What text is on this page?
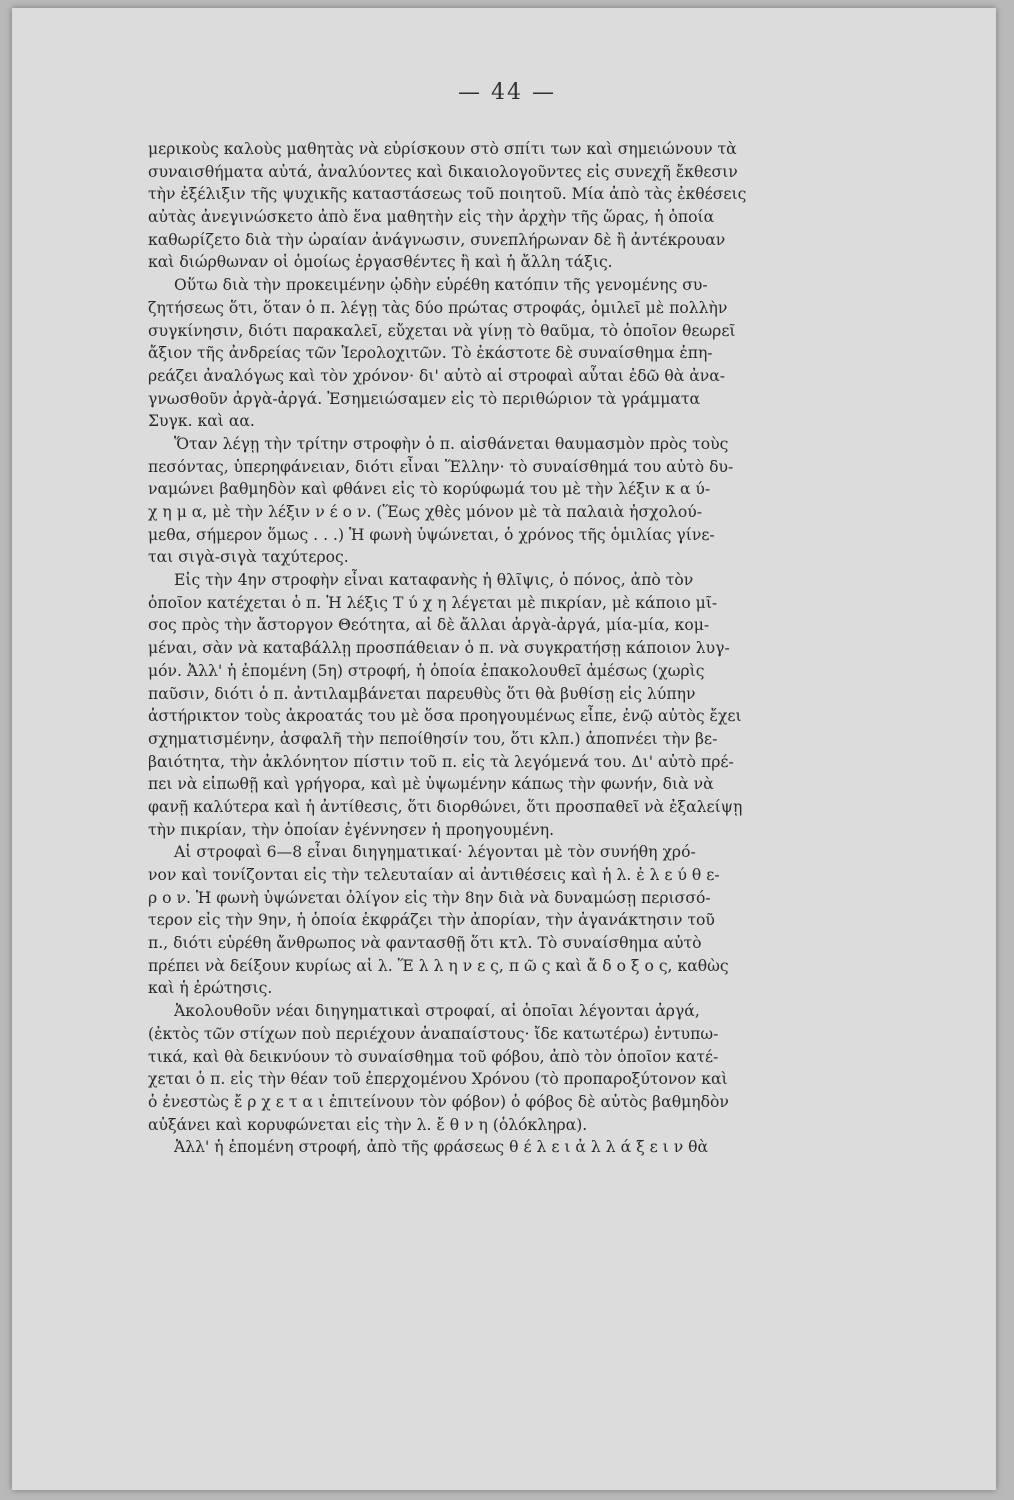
— 44 —
μερικοὺς καλοὺς μαθητὰς νὰ εὑρίσκουν στὸ σπίτι των καὶ σημειώνουν τὰ
συναισθήματα αὐτά, ἀναλύοντες καὶ δικαιολογοῦντες εἰς συνεχῆ ἔκθεσιν
τὴν ἐξέλιξιν τῆς ψυχικῆς καταστάσεως τοῦ ποιητοῦ. Μία ἀπὸ τὰς ἐκθέσεις
αὐτὰς ἀνεγινώσκετο ἀπὸ ἕνα μαθητὴν εἰς τὴν ἀρχὴν τῆς ὥρας, ἡ ὁποία
καθωρίζετο διὰ τὴν ὡραίαν ἀνάγνωσιν, συνεπλήρωναν δὲ ἢ ἀντέκρουαν
καὶ διώρθωναν οἱ ὁμοίως ἐργασθέντες ἢ καὶ ἡ ἄλλη τάξις.
Οὕτω διὰ τὴν προκειμένην ᾠδὴν εὑρέθη κατόπιν τῆς γενομένης συ-
ζητήσεως ὅτι, ὅταν ὁ π. λέγῃ τὰς δύο πρώτας στροφάς, ὁμιλεῖ μὲ πολλὴν
συγκίνησιν, διότι παρακαλεῖ, εὔχεται νὰ γίνῃ τὸ θαῦμα, τὸ ὁποῖον θεωρεῖ
ἄξιον τῆς ἀνδρείας τῶν Ἱερολοχιτῶν. Τὸ ἑκάστοτε δὲ συναίσθημα ἐπη-
ρεάζει ἀναλόγως καὶ τὸν χρόνον· δι' αὐτὸ αἱ στροφαὶ αὗται ἐδῶ θὰ ἀνα-
γνωσθοῦν ἀργὰ-ἀργά. Ἐσημειώσαμεν εἰς τὸ περιθώριον τὰ γράμματα
Συγκ. καὶ αα.
Ὅταν λέγῃ τὴν τρίτην στροφὴν ὁ π. αἰσθάνεται θαυμασμὸν πρὸς τοὺς
πεσόντας, ὑπερηφάνειαν, διότι εἶναι Ἕλλην· τὸ συναίσθημά του αὐτὸ δυ-
ναμώνει βαθμηδὸν καὶ φθάνει εἰς τὸ κορύφωμά του μὲ τὴν λέξιν κ α ύ-
χ η μ α, μὲ τὴν λέξιν ν έ ο ν. (Ἕως χθὲς μόνον μὲ τὰ παλαιὰ ἠσχολού-
μεθα, σήμερον ὅμως . . .) Ἡ φωνὴ ὑψώνεται, ὁ χρόνος τῆς ὁμιλίας γίνε-
ται σιγὰ-σιγὰ ταχύτερος.
Εἰς τὴν 4ην στροφὴν εἶναι καταφανὴς ἡ θλῖψις, ὁ πόνος, ἀπὸ τὸν
ὁποῖον κατέχεται ὁ π. Ἡ λέξις Τ ύ χ η λέγεται μὲ πικρίαν, μὲ κάποιο μῖ-
σος πρὸς τὴν ἄστοργον Θεότητα, αἱ δὲ ἄλλαι ἀργὰ-ἀργά, μία-μία, κομ-
μέναι, σὰν νὰ καταβάλλῃ προσπάθειαν ὁ π. νὰ συγκρατήσῃ κάποιον λυγ-
μόν. Ἀλλ' ἡ ἑπομένη (5η) στροφή, ἡ ὁποία ἐπακολουθεῖ ἀμέσως (χωρὶς
παῦσιν, διότι ὁ π. ἀντιλαμβάνεται παρευθὺς ὅτι θὰ βυθίσῃ εἰς λύπην
ἀστήρικτον τοὺς ἀκροατάς του μὲ ὅσα προηγουμένως εἶπε, ἐνῷ αὐτὸς ἔχει
σχηματισμένην, ἀσφαλῆ τὴν πεποίθησίν του, ὅτι κλπ.) ἀποπνέει τὴν βε-
βαιότητα, τὴν ἀκλόνητον πίστιν τοῦ π. εἰς τὰ λεγόμενά του. Δι' αὐτὸ πρέ-
πει νὰ εἰπωθῇ καὶ γρήγορα, καὶ μὲ ὑψωμένην κάπως τὴν φωνήν, διὰ νὰ
φανῇ καλύτερα καὶ ἡ ἀντίθεσις, ὅτι διορθώνει, ὅτι προσπαθεῖ νὰ ἐξαλείψῃ
τὴν πικρίαν, τὴν ὁποίαν ἐγέννησεν ἡ προηγουμένη.
Αἱ στροφαὶ 6—8 εἶναι διηγηματικαί· λέγονται μὲ τὸν συνήθη χρό-
νον καὶ τονίζονται εἰς τὴν τελευταίαν αἱ ἀντιθέσεις καὶ ἡ λ. ἐ λ ε ύ θ ε-
ρ ο ν. Ἡ φωνὴ ὑψώνεται ὀλίγον εἰς τὴν 8ην διὰ νὰ δυναμώσῃ περισσό-
τερον εἰς τὴν 9ην, ἡ ὁποία ἐκφράζει τὴν ἀπορίαν, τὴν ἀγανάκτησιν τοῦ
π., διότι εὑρέθη ἄνθρωπος νὰ φαντασθῇ ὅτι κτλ. Τὸ συναίσθημα αὐτὸ
πρέπει νὰ δείξουν κυρίως αἱ λ. Ἕ λ λ η ν ε ς, π ῶ ς καὶ ἄ δ ο ξ ο ς, καθὼς
καὶ ἡ ἐρώτησις.
Ἀκολουθοῦν νέαι διηγηματικαὶ στροφαί, αἱ ὁποῖαι λέγονται ἀργά,
(ἐκτὸς τῶν στίχων ποὺ περιέχουν ἀναπαίστους· ἴδε κατωτέρω) ἐντυπω-
τικά, καὶ θὰ δεικνύουν τὸ συναίσθημα τοῦ φόβου, ἀπὸ τὸν ὁποῖον κατέ-
χεται ὁ π. εἰς τὴν θέαν τοῦ ἐπερχομένου Χρόνου (τὸ προπαροξύτονον καὶ
ὁ ἐνεστὼς ἔ ρ χ ε τ α ι ἐπιτείνουν τὸν φόβον) ὁ φόβος δὲ αὐτὸς βαθμηδὸν
αὐξάνει καὶ κορυφώνεται εἰς τὴν λ. ἔ θ ν η (ὁλόκληρα).
Ἀλλ' ἡ ἑπομένη στροφή, ἀπὸ τῆς φράσεως θ έ λ ε ι ἀ λ λ ά ξ ε ι ν θὰ
